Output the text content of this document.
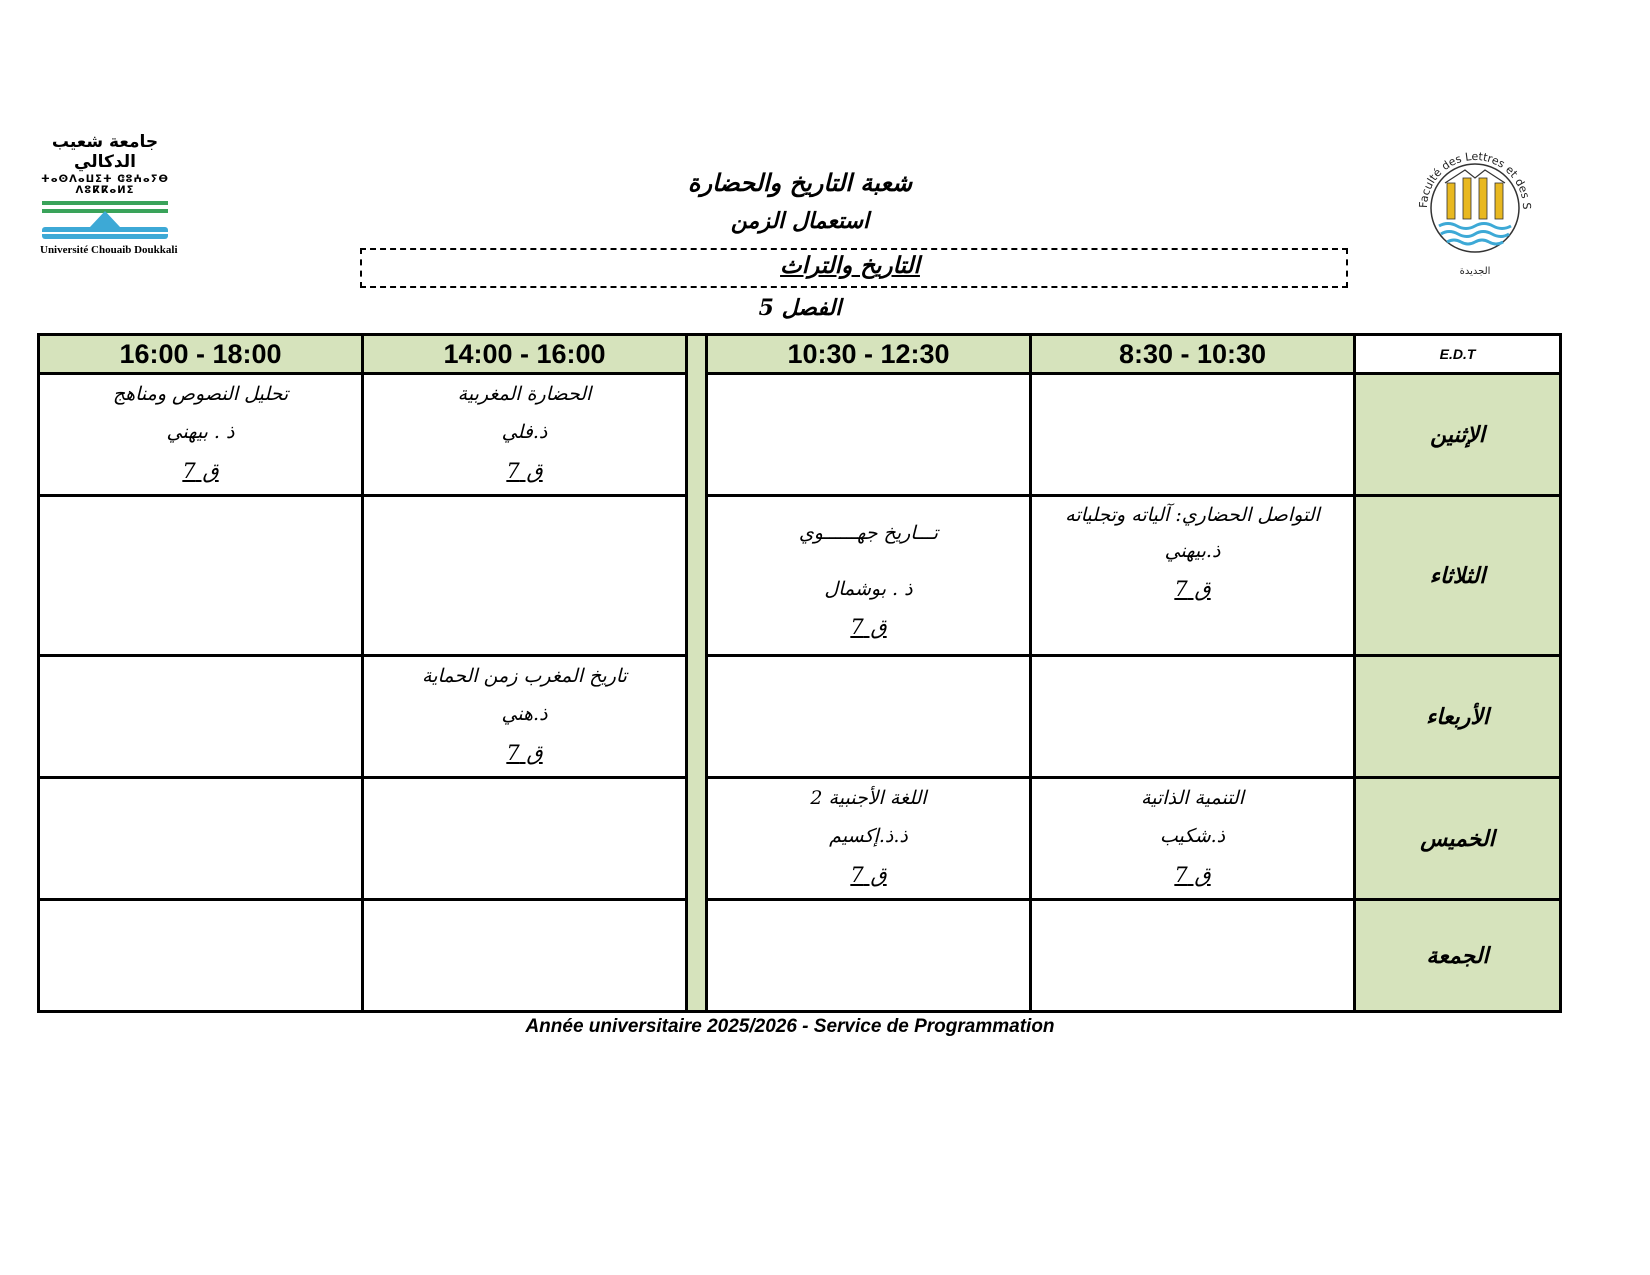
جامعة شعيب الدكالي
ⵜⴰⵙⴷⴰⵡⵉⵜ ⵛⵓⵄⴰⵢⴱ ⴷⵓⴽⴽⴰⵍⵉ
Université Chouaib Doukkali
Faculté des Lettres et des S
الجديدة
شعبة التاريخ والحضارة
استعمال الزمن
التاريخ والتراث
الفصل 5
16:00 - 18:00	14:00 - 16:00		10:30 - 12:30	8:30 - 10:30	E.D.T

تحليل النصوص ومناهج
ذ . بيهني
ق 7	الحضارة المغربية
ذ.فلي
ق 7				الإثنين

			تـــاريخ جهــــــوي
ذ . بوشمال
ق 7	التواصل الحضاري: آلياته وتجلياته
ذ.بيهني
ق 7	الثلاثاء

	تاريخ المغرب زمن الحماية
ذ.هني
ق 7				الأربعاء

			اللغة الأجنبية 2
ذ.ذ.إكسيم
ق 7	التنمية الذاتية
ذ.شكيب
ق 7	الخميس
					الجمعة
Année universitaire 2025/2026 - Service de Programmation
